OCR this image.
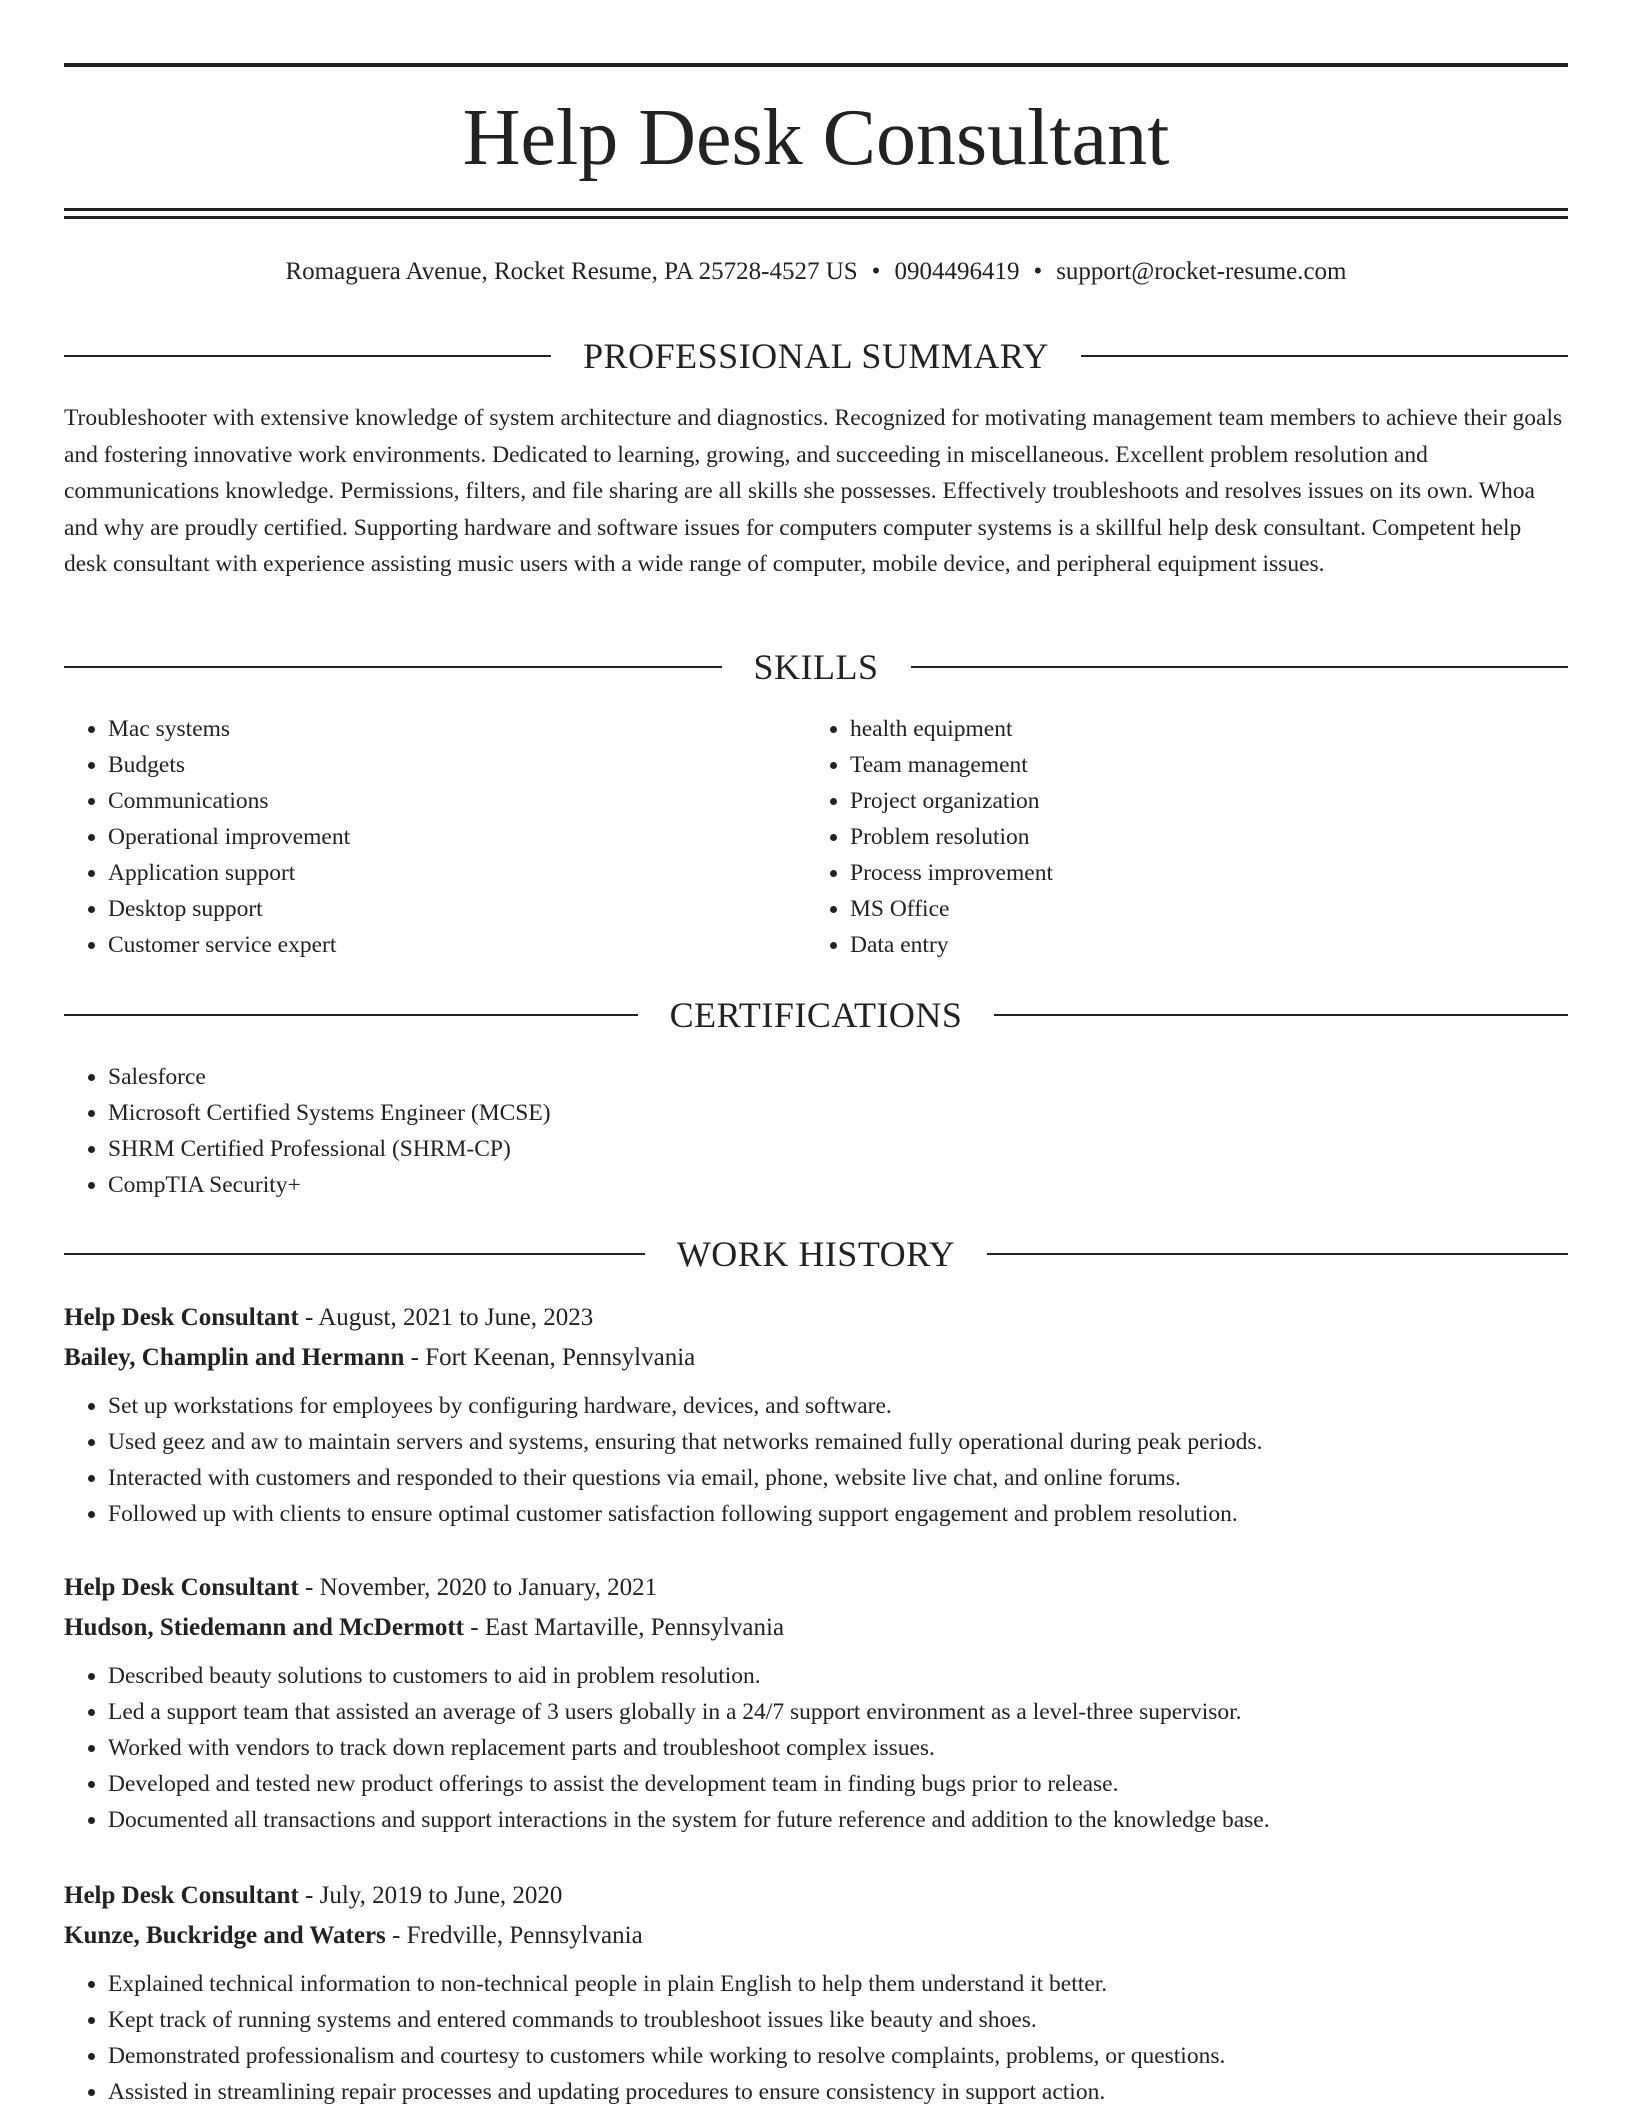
Help Desk Consultant
Romaguera Avenue, Rocket Resume, PA 25728-4527 US • 0904496419 • support@rocket-resume.com
PROFESSIONAL SUMMARY
Troubleshooter with extensive knowledge of system architecture and diagnostics. Recognized for motivating management team members to achieve their goals and fostering innovative work environments. Dedicated to learning, growing, and succeeding in miscellaneous. Excellent problem resolution and communications knowledge. Permissions, filters, and file sharing are all skills she possesses. Effectively troubleshoots and resolves issues on its own. Whoa and why are proudly certified. Supporting hardware and software issues for computers computer systems is a skillful help desk consultant. Competent help desk consultant with experience assisting music users with a wide range of computer, mobile device, and peripheral equipment issues.
SKILLS
• Mac systems
• Budgets
• Communications
• Operational improvement
• Application support
• Desktop support
• Customer service expert
• health equipment
• Team management
• Project organization
• Problem resolution
• Process improvement
• MS Office
• Data entry
CERTIFICATIONS
• Salesforce
• Microsoft Certified Systems Engineer (MCSE)
• SHRM Certified Professional (SHRM-CP)
• CompTIA Security+
WORK HISTORY
Help Desk Consultant - August, 2021 to June, 2023
Bailey, Champlin and Hermann - Fort Keenan, Pennsylvania
• Set up workstations for employees by configuring hardware, devices, and software.
• Used geez and aw to maintain servers and systems, ensuring that networks remained fully operational during peak periods.
• Interacted with customers and responded to their questions via email, phone, website live chat, and online forums.
• Followed up with clients to ensure optimal customer satisfaction following support engagement and problem resolution.
Help Desk Consultant - November, 2020 to January, 2021
Hudson, Stiedemann and McDermott - East Martaville, Pennsylvania
• Described beauty solutions to customers to aid in problem resolution.
• Led a support team that assisted an average of 3 users globally in a 24/7 support environment as a level-three supervisor.
• Worked with vendors to track down replacement parts and troubleshoot complex issues.
• Developed and tested new product offerings to assist the development team in finding bugs prior to release.
• Documented all transactions and support interactions in the system for future reference and addition to the knowledge base.
Help Desk Consultant - July, 2019 to June, 2020
Kunze, Buckridge and Waters - Fredville, Pennsylvania
• Explained technical information to non-technical people in plain English to help them understand it better.
• Kept track of running systems and entered commands to troubleshoot issues like beauty and shoes.
• Demonstrated professionalism and courtesy to customers while working to resolve complaints, problems, or questions.
• Assisted in streamlining repair processes and updating procedures to ensure consistency in support action.
